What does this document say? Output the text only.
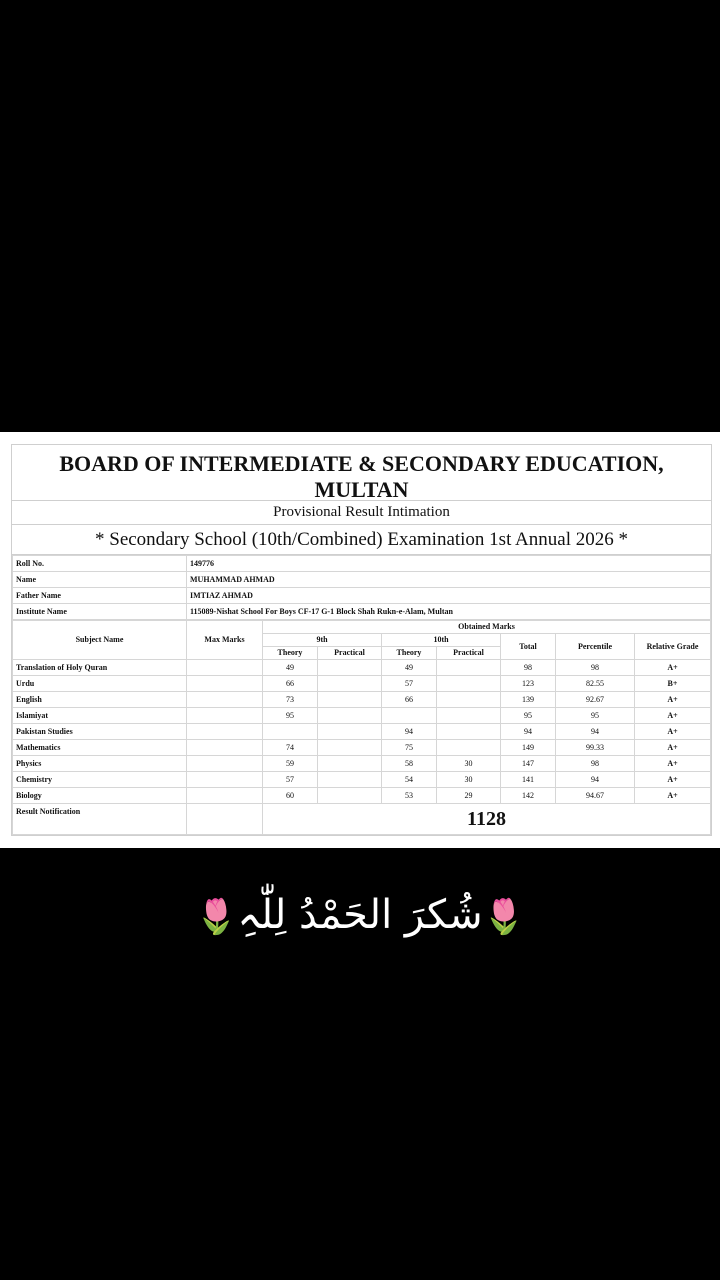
BOARD OF INTERMEDIATE & SECONDARY EDUCATION,
MULTAN
Provisional Result Intimation
* Secondary School (10th/Combined) Examination 1st Annual 2026 *
Roll No.	149776
Name	MUHAMMAD AHMAD
Father Name	IMTIAZ AHMAD
Institute Name	115089-Nishat School For Boys CF-17 G-1 Block Shah Rukn-e-Alam, Multan
Subject Name	Max Marks	Obtained Marks						
		9th		10th		Total	Percentile	Relative Grade
		Theory	Practical	Theory	Practical			
Translation of Holy Quran		49		49		98	98	A+
Urdu		66		57		123	82.55	B+
English		73		66		139	92.67	A+
Islamiyat		95				95	95	A+
Pakistan Studies				94		94	94	A+
Mathematics		74		75		149	99.33	A+
Physics		59		58	30	147	98	A+
Chemistry		57		54	30	141	94	A+
Biology		60		53	29	142	94.67	A+
Result Notification		1128						
🌷شُکرَ الحَمْدُ لِلّٰہِ🌷
